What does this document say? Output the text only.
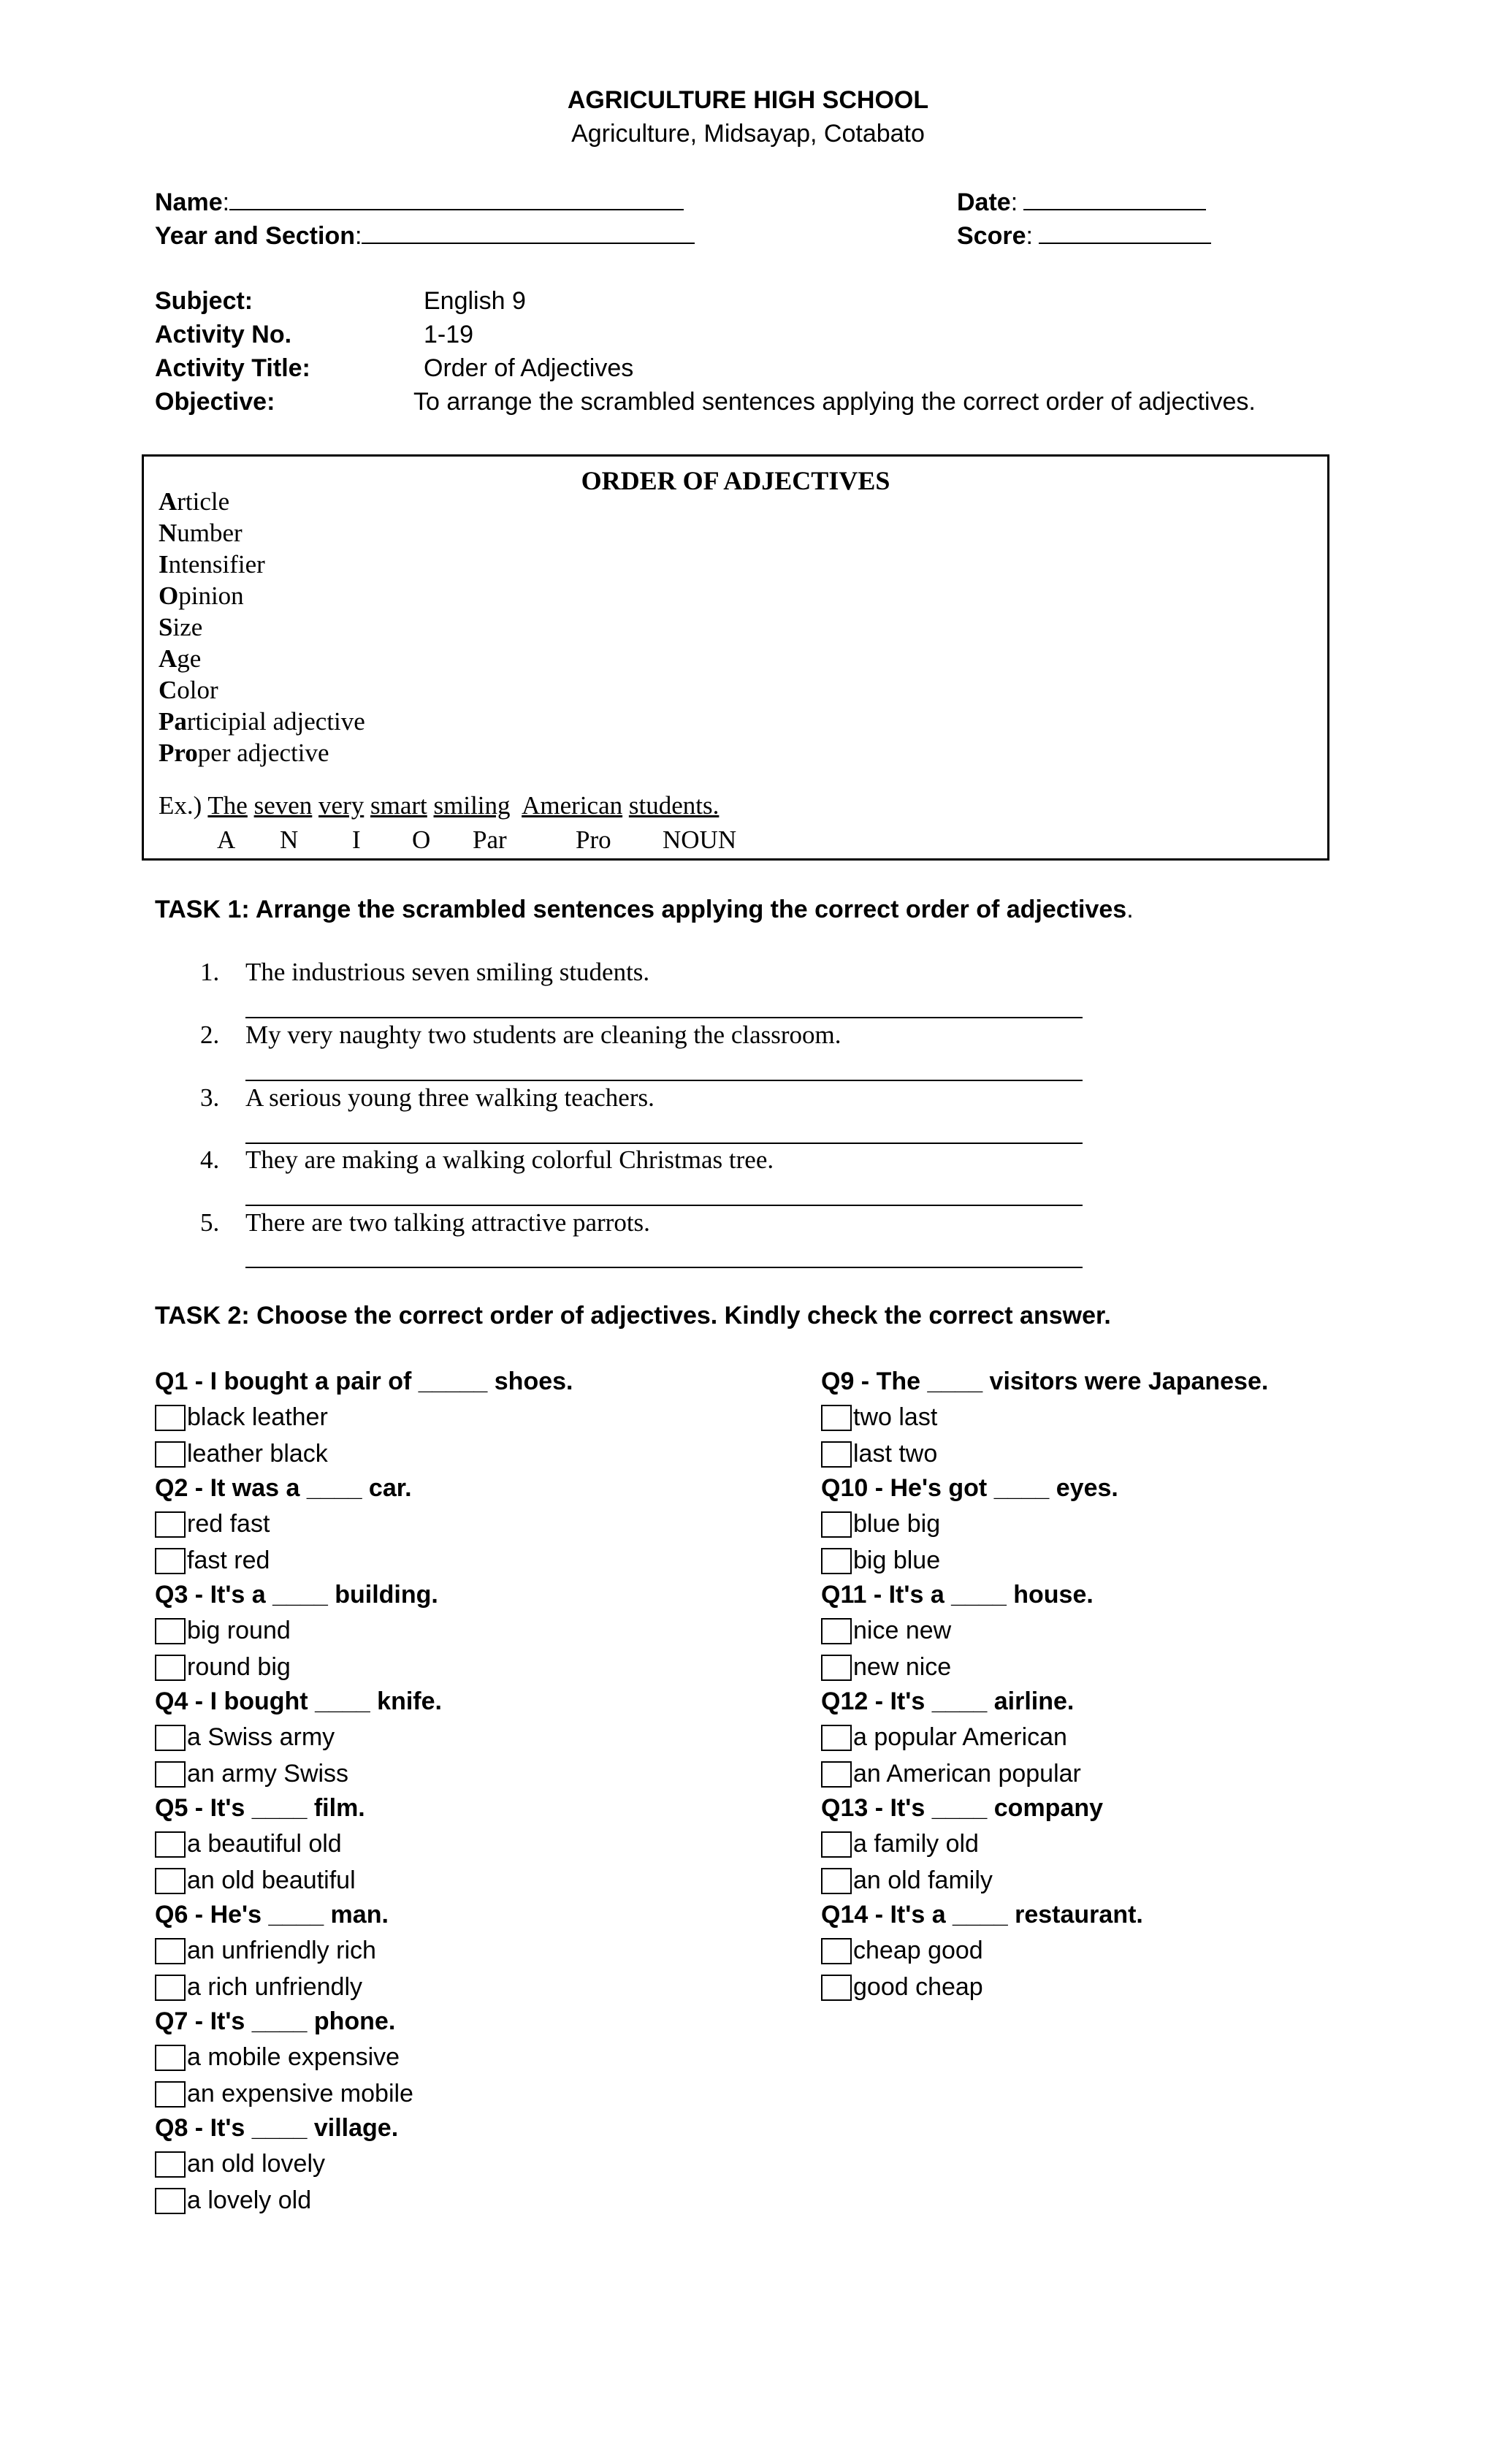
AGRICULTURE HIGH SCHOOL
Agriculture, Midsayap, Cotabato
Name:
Year and Section:
Date:
Score:
Subject:	English 9
Activity No.	1-19
Activity Title:	Order of Adjectives
Objective:	To arrange the scrambled sentences applying the correct order of adjectives.
ORDER OF ADJECTIVES
Article
Number
Intensifier
Opinion
Size
Age
Color
Participial adjective
Proper adjective
Ex.) The seven very smart smiling American students.
A N I O Par	Pro NOUN
TASK 1: Arrange the scrambled sentences applying the correct order of adjectives.
1. The industrious seven smiling students.
2. My very naughty two students are cleaning the classroom.
3. A serious young three walking teachers.
4. They are making a walking colorful Christmas tree.
5. There are two talking attractive parrots.
TASK 2: Choose the correct order of adjectives. Kindly check the correct answer.
Q1 - I bought a pair of _____ shoes.
black leather
leather black
Q2 - It was a ____ car.
red fast
fast red
Q3 - It's a ____ building.
big round
round big
Q4 - I bought ____ knife.
a Swiss army
an army Swiss
Q5 - It's ____ film.
a beautiful old
an old beautiful
Q6 - He's ____ man.
an unfriendly rich
a rich unfriendly
Q7 - It's ____ phone.
a mobile expensive
an expensive mobile
Q8 - It's ____ village.
an old lovely
a lovely old
Q9 - The ____ visitors were Japanese.
two last
last two
Q10 - He's got ____ eyes.
blue big
big blue
Q11 - It's a ____ house.
nice new
new nice
Q12 - It's ____ airline.
a popular American
an American popular
Q13 - It's ____ company
a family old
an old family
Q14 - It's a ____ restaurant.
cheap good
good cheap
